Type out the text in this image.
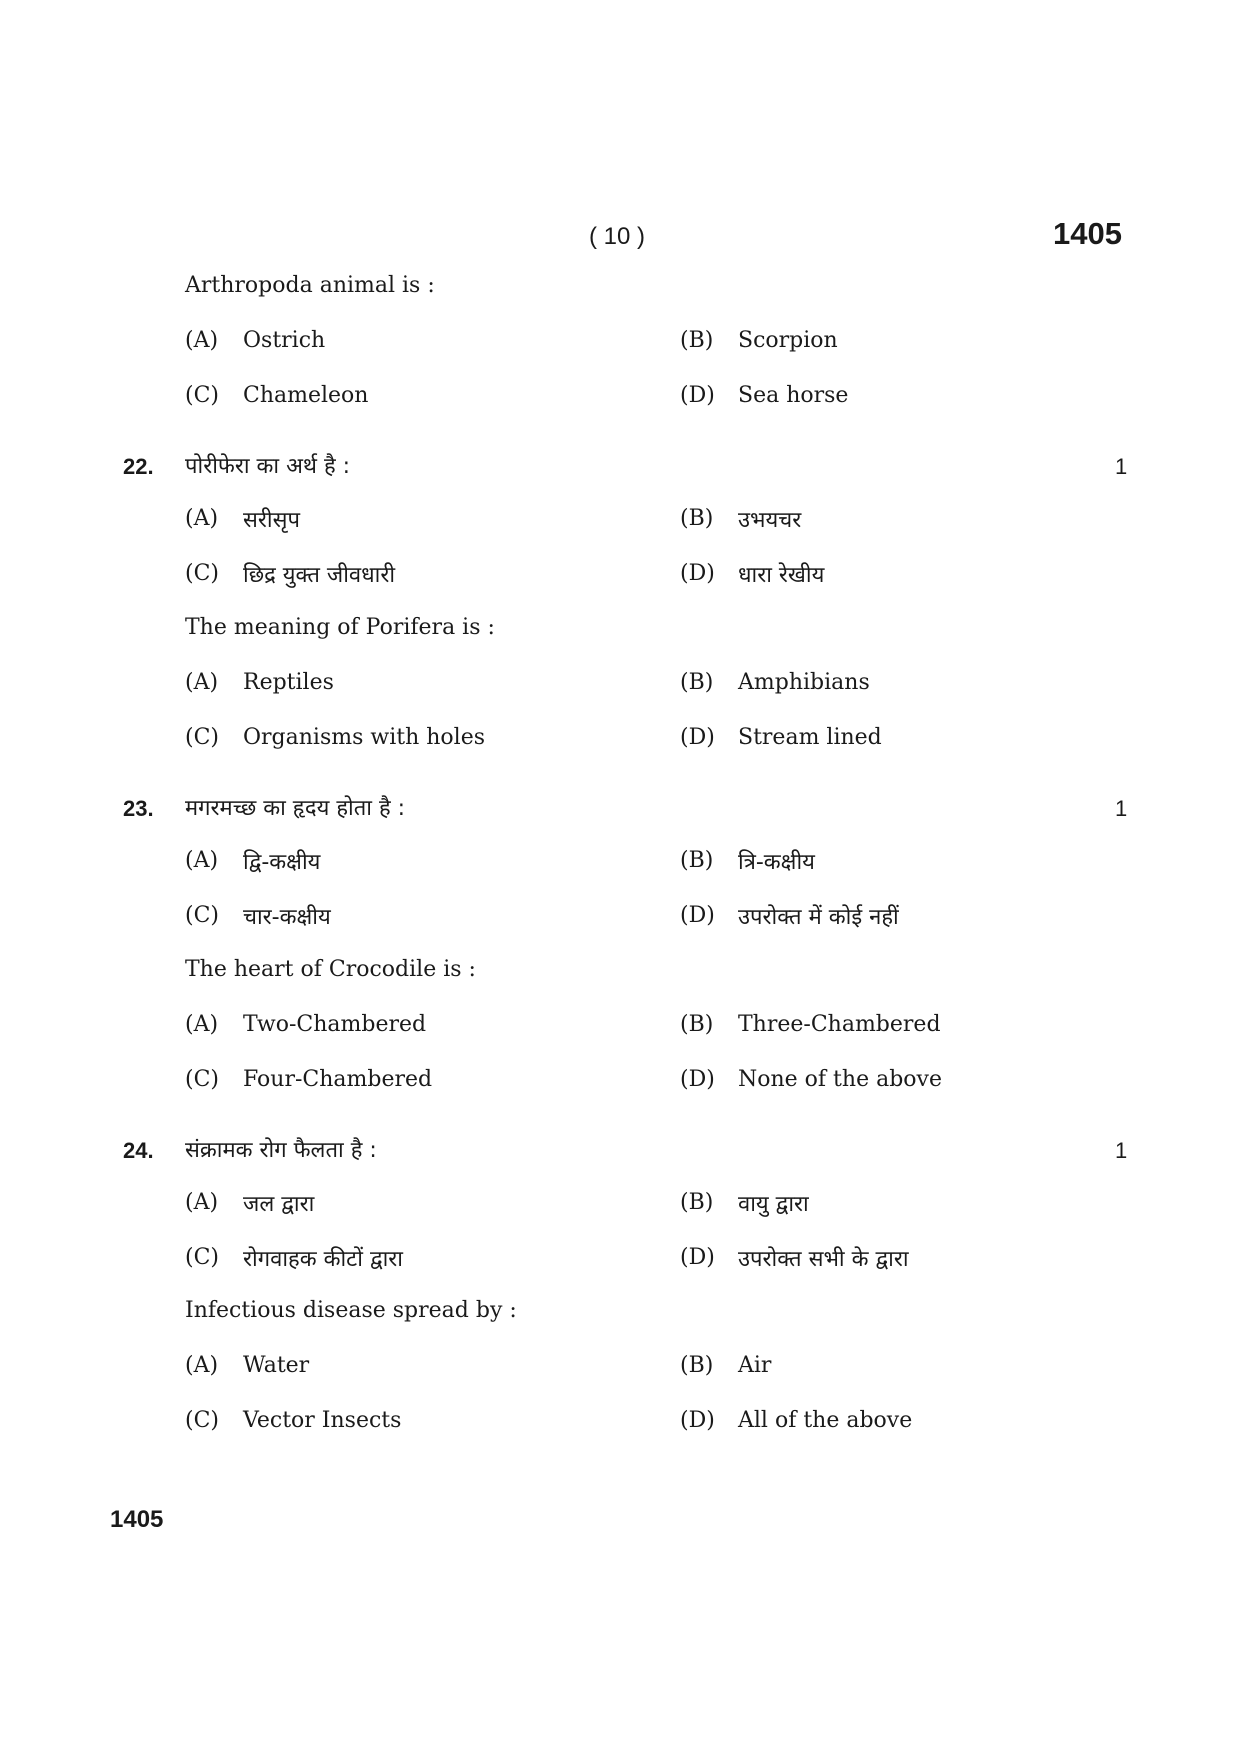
( 10 )	1405
Arthropoda animal is :
(A) Ostrich	(B) Scorpion
(C) Chameleon	(D) Sea horse
22. पोरीफेरा का अर्थ है :	1
(A) सरीसृप	(B) उभयचर
(C) छिद्र युक्त जीवधारी	(D) धारा रेखीय
The meaning of Porifera is :
(A) Reptiles	(B) Amphibians
(C) Organisms with holes	(D) Stream lined
23. मगरमच्छ का हृदय होता है :	1
(A) द्वि-कक्षीय	(B) त्रि-कक्षीय
(C) चार-कक्षीय	(D) उपरोक्त में कोई नहीं
The heart of Crocodile is :
(A) Two-Chambered	(B) Three-Chambered
(C) Four-Chambered	(D) None of the above
24. संक्रामक रोग फैलता है :	1
(A) जल द्वारा	(B) वायु द्वारा
(C) रोगवाहक कीटों द्वारा	(D) उपरोक्त सभी के द्वारा
Infectious disease spread by :
(A) Water	(B) Air
(C) Vector Insects	(D) All of the above
1405
